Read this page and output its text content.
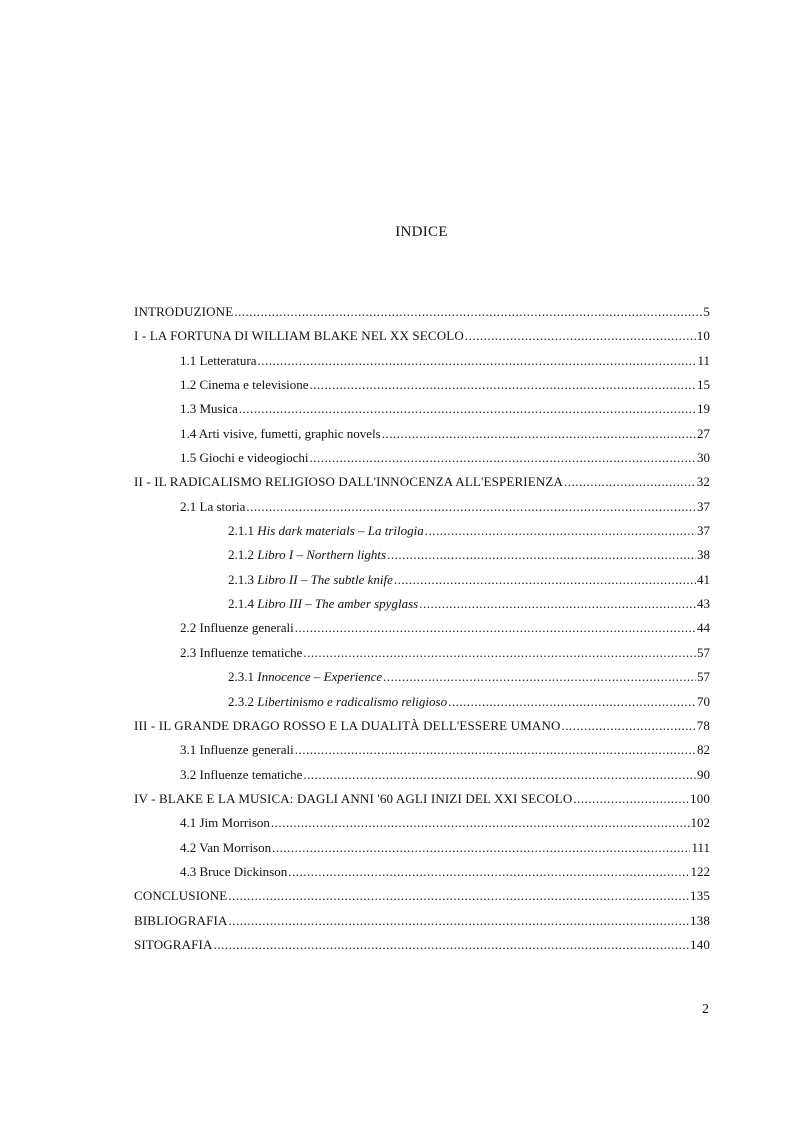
INDICE
INTRODUZIONE .....	5
I - LA FORTUNA DI WILLIAM BLAKE NEL XX SECOLO .....	10
1.1 Letteratura .....	11
1.2 Cinema e televisione .....	15
1.3 Musica .....	19
1.4 Arti visive, fumetti, graphic novels .....	27
1.5 Giochi e videogiochi .....	30
II - IL RADICALISMO RELIGIOSO DALL'INNOCENZA ALL'ESPERIENZA .....	32
2.1 La storia .....	37
2.1.1 His dark materials – La trilogia .....	37
2.1.2 Libro I – Northern lights .....	38
2.1.3 Libro II – The subtle knife .....	41
2.1.4 Libro III – The amber spyglass .....	43
2.2 Influenze generali .....	44
2.3 Influenze tematiche .....	57
2.3.1 Innocence – Experience .....	57
2.3.2 Libertinismo e radicalismo religioso .....	70
III - IL GRANDE DRAGO ROSSO E LA DUALITÀ DELL'ESSERE UMANO .....	78
3.1 Influenze generali .....	82
3.2 Influenze tematiche .....	90
IV - BLAKE E LA MUSICA: DAGLI ANNI '60 AGLI INIZI DEL XXI SECOLO .....	100
4.1 Jim Morrison .....	102
4.2 Van Morrison .....	111
4.3 Bruce Dickinson .....	122
CONCLUSIONE .....	135
BIBLIOGRAFIA .....	138
SITOGRAFIA .....	140
2
